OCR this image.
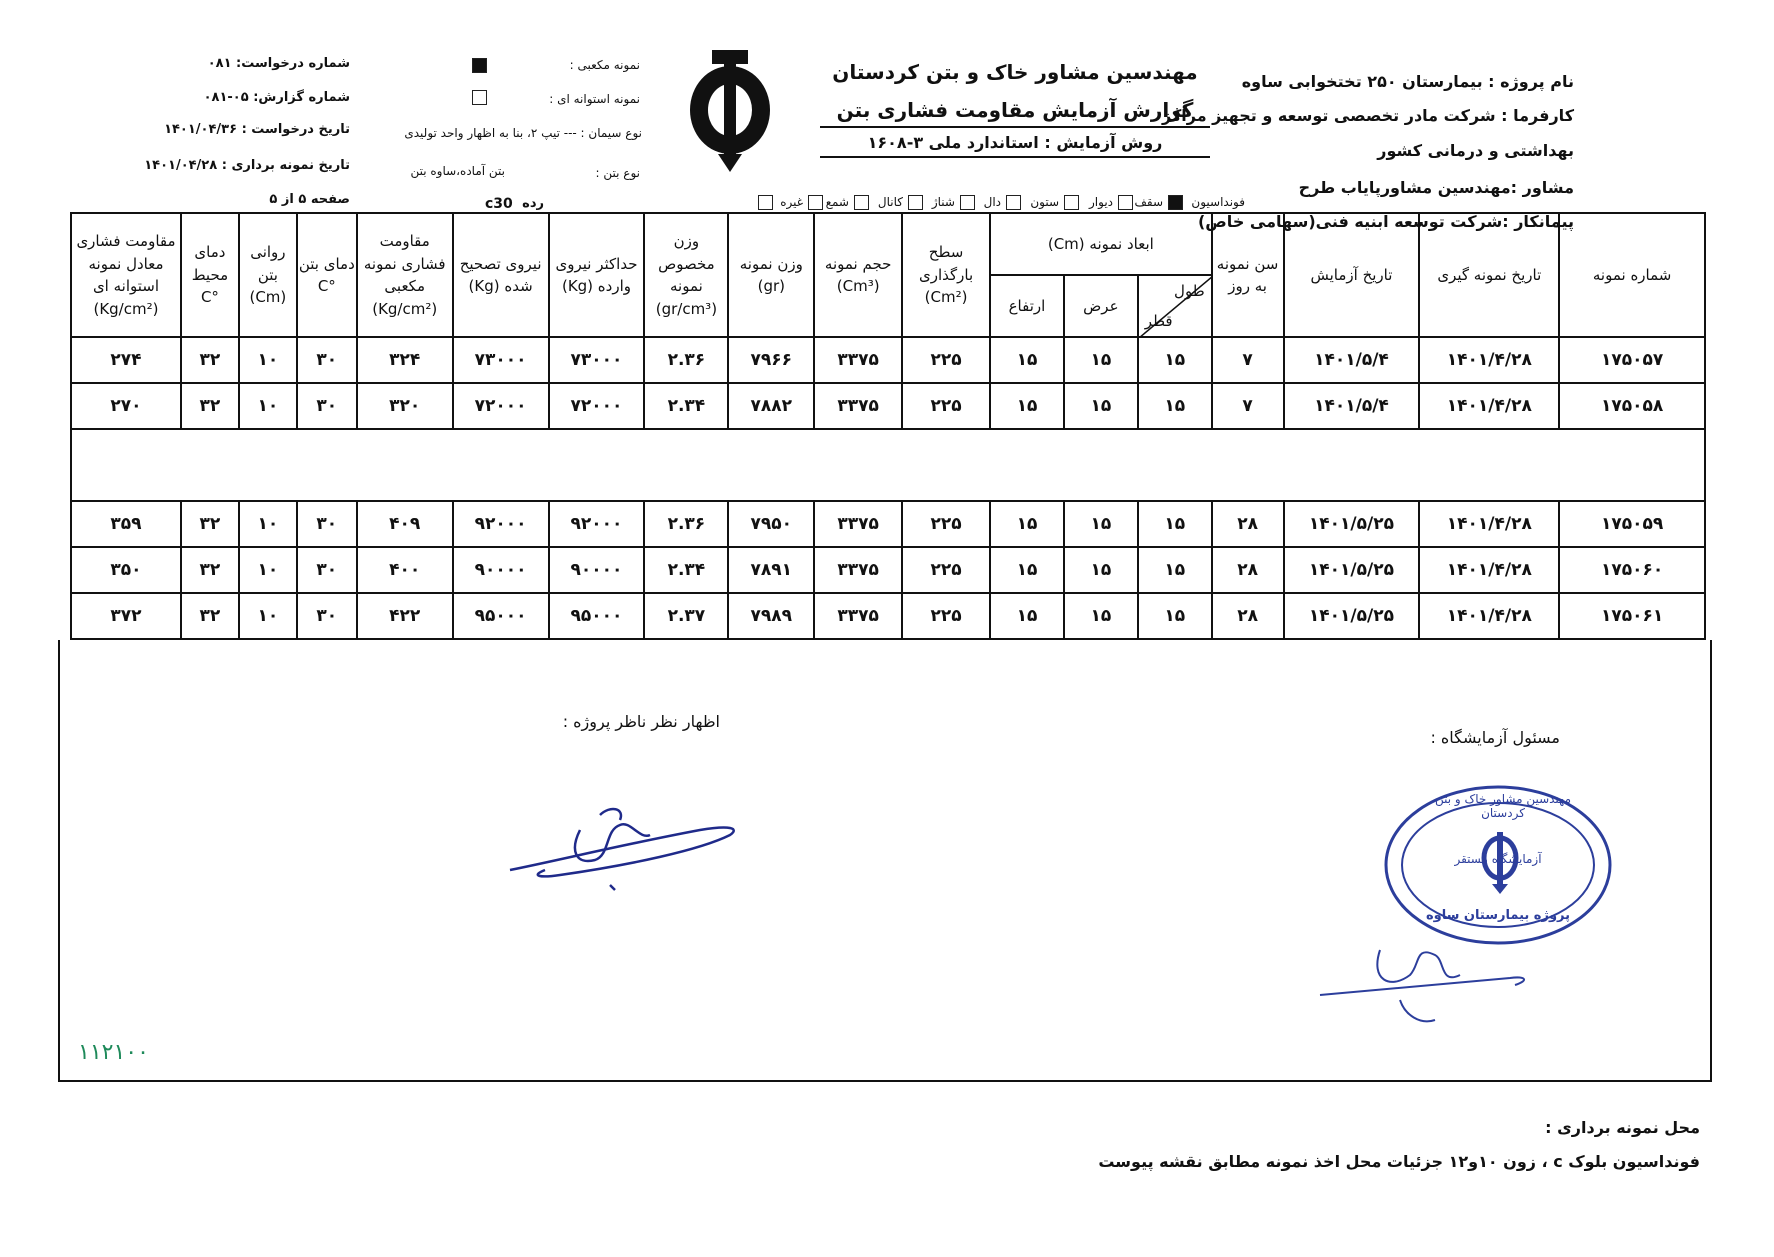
نام پروژه : بیمارستان ۲۵۰ تختخوابی ساوه
کارفرما : شرکت مادر تخصصی توسعه و تجهیز مراکز
بهداشتی و درمانی کشور
مشاور :مهندسین مشاورپایاب طرح
پیمانکار :شرکت توسعه ابنیه فنی(سهامی خاص)
مهندسین مشاور خاک و بتن کردستان
گزارش آزمایش مقاومت فشاری بتن
روش آزمایش : استاندارد ملی ۳-۱۶۰۸
نمونه مکعبی :
نمونه استوانه ای :
نوع سیمان : --- تیپ ۲، بنا به اظهار واحد تولیدی
نوع بتن :
بتن آماده،ساوه بتن
رده
c30
شماره درخواست: ۰۸۱
شماره گزارش: ۰۵-۰۸۱
تاریخ درخواست : ۱۴۰۱/۰۴/۳۶
تاریخ نمونه برداری : ۱۴۰۱/۰۴/۲۸
صفحه ۵ از ۵	فونداسیون
سقف
دیوار
ستون
دال
شناژ
کانال
شمع
غیره
شماره نمونه	تاریخ نمونه گیری	تاریخ آزمایش	سن نمونه به روز	ابعاد نمونه (Cm)			سطح بارگذاری (Cm²)	حجم نمونه (Cm³)	وزن نمونه (gr)	وزن مخصوص نمونه (gr/cm³)	حداکثر نیروی وارده (Kg)	نیروی تصحیح شده (Kg)	مقاومت فشاری نمونه مکعبی (Kg/cm²)	دمای بتن °C	روانی بتن (Cm)	دمای محیط °C	مقاومت فشاری معادل نمونه استوانه ای (Kg/cm²)

				طول
قطر	عرض	ارتفاع											
۱۷۵۰۵۷	۱۴۰۱/۴/۲۸	۱۴۰۱/۵/۴	۷	۱۵	۱۵	۱۵	۲۲۵	۳۳۷۵	۷۹۶۶	۲.۳۶	۷۳۰۰۰	۷۳۰۰۰	۳۲۴	۳۰	۱۰	۳۲	۲۷۴
۱۷۵۰۵۸	۱۴۰۱/۴/۲۸	۱۴۰۱/۵/۴	۷	۱۵	۱۵	۱۵	۲۲۵	۳۳۷۵	۷۸۸۲	۲.۳۴	۷۲۰۰۰	۷۲۰۰۰	۳۲۰	۳۰	۱۰	۳۲	۲۷۰

۱۷۵۰۵۹	۱۴۰۱/۴/۲۸	۱۴۰۱/۵/۲۵	۲۸	۱۵	۱۵	۱۵	۲۲۵	۳۳۷۵	۷۹۵۰	۲.۳۶	۹۲۰۰۰	۹۲۰۰۰	۴۰۹	۳۰	۱۰	۳۲	۳۵۹
۱۷۵۰۶۰	۱۴۰۱/۴/۲۸	۱۴۰۱/۵/۲۵	۲۸	۱۵	۱۵	۱۵	۲۲۵	۳۳۷۵	۷۸۹۱	۲.۳۴	۹۰۰۰۰	۹۰۰۰۰	۴۰۰	۳۰	۱۰	۳۲	۳۵۰
۱۷۵۰۶۱	۱۴۰۱/۴/۲۸	۱۴۰۱/۵/۲۵	۲۸	۱۵	۱۵	۱۵	۲۲۵	۳۳۷۵	۷۹۸۹	۲.۳۷	۹۵۰۰۰	۹۵۰۰۰	۴۲۲	۳۰	۱۰	۳۲	۳۷۲
مسئول آزمایشگاه :
اظهار نظر ناظر پروژه :
مهندسین مشاور خاک و بتن کردستان
آزمایشگاه مستقر
پروژه بیمارستان ساوه
۱۱۲۱۰۰
محل نمونه برداری :
فونداسیون بلوک c ، زون ۱۰و۱۲ جزئیات محل اخذ نمونه مطابق نقشه پیوست
